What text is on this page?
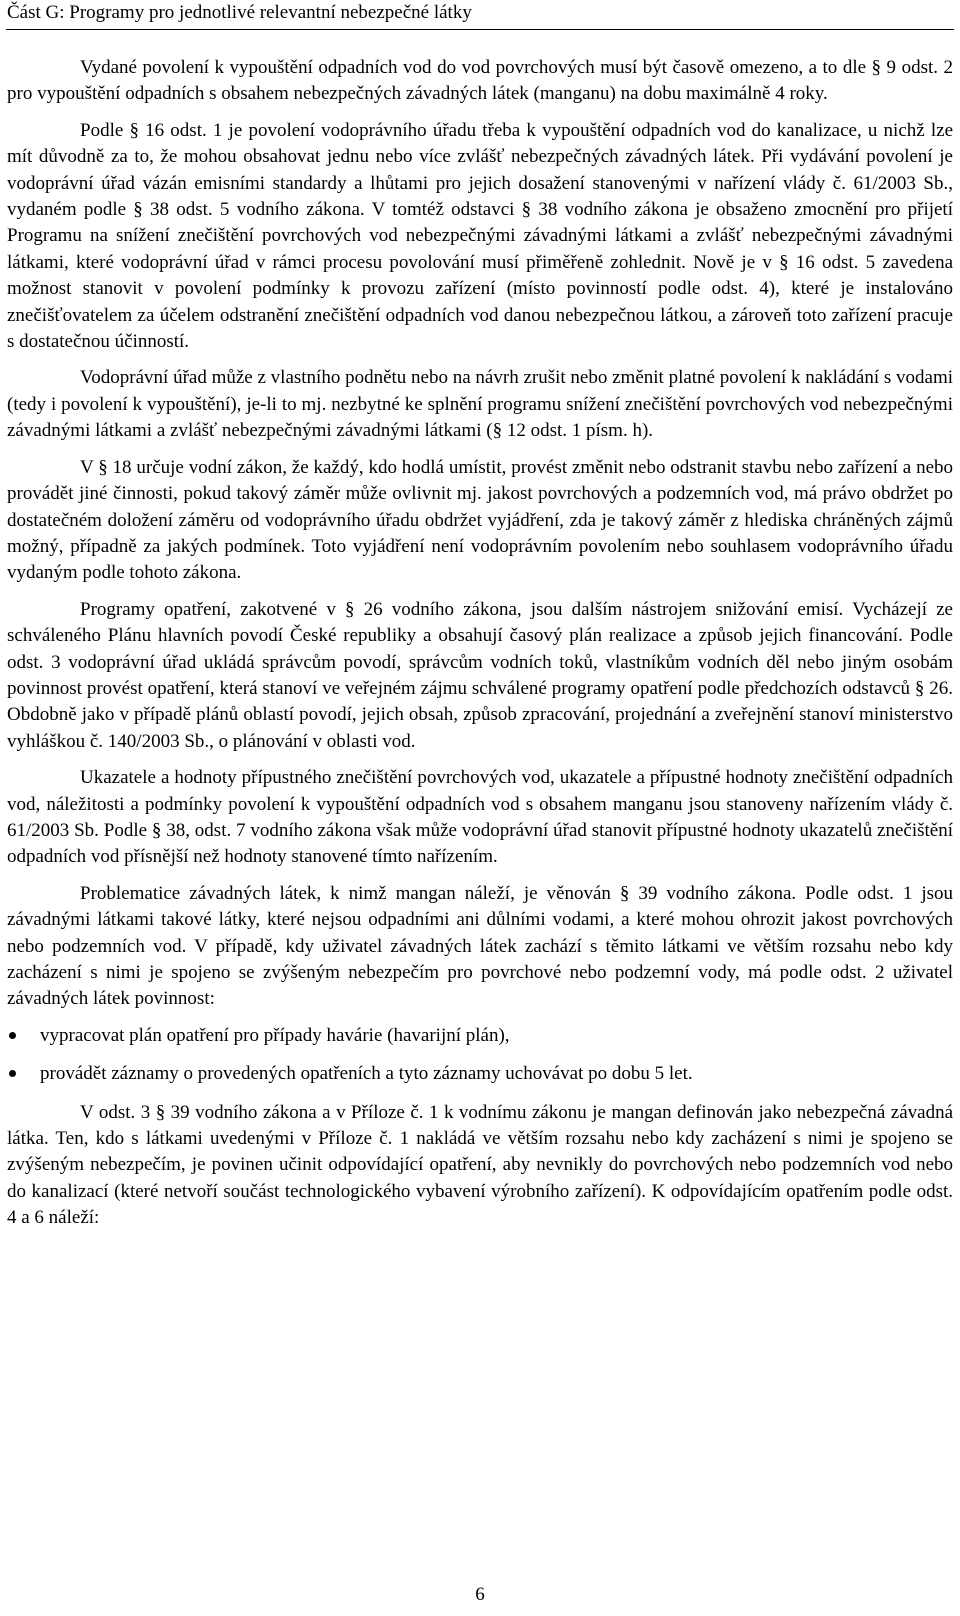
Část G: Programy pro jednotlivé relevantní nebezpečné látky

Vydané povolení k vypouštění odpadních vod do vod povrchových musí být časově omezeno, a to dle § 9 odst. 2 pro vypouštění odpadních s obsahem nebezpečných závadných látek (manganu) na dobu maximálně 4 roky.

Podle § 16 odst. 1 je povolení vodoprávního úřadu třeba k vypouštění odpadních vod do kanalizace, u nichž lze mít důvodně za to, že mohou obsahovat jednu nebo více zvlášť nebezpečných závadných látek. Při vydávání povolení je vodoprávní úřad vázán emisními standardy a lhůtami pro jejich dosažení stanovenými v nařízení vlády č. 61/2003 Sb., vydaném podle § 38 odst. 5 vodního zákona. V tomtéž odstavci § 38 vodního zákona je obsaženo zmocnění pro přijetí Programu na snížení znečištění povrchových vod nebezpečnými závadnými látkami a zvlášť nebezpečnými závadnými látkami, které vodoprávní úřad v rámci procesu povolování musí přiměřeně zohlednit. Nově je v § 16 odst. 5 zavedena možnost stanovit v povolení podmínky k provozu zařízení (místo povinností podle odst. 4), které je instalováno znečišťovatelem za účelem odstranění znečištění odpadních vod danou nebezpečnou látkou, a zároveň toto zařízení pracuje s dostatečnou účinností.

Vodoprávní úřad může z vlastního podnětu nebo na návrh zrušit nebo změnit platné povolení k nakládání s vodami (tedy i povolení k vypouštění), je-li to mj. nezbytné ke splnění programu snížení znečištění povrchových vod nebezpečnými závadnými látkami a zvlášť nebezpečnými závadnými látkami (§ 12 odst. 1 písm. h).

V § 18 určuje vodní zákon, že každý, kdo hodlá umístit, provést změnit nebo odstranit stavbu nebo zařízení a nebo provádět jiné činnosti, pokud takový záměr může ovlivnit mj. jakost povrchových a podzemních vod, má právo obdržet po dostatečném doložení záměru od vodoprávního úřadu obdržet vyjádření, zda je takový záměr z hlediska chráněných zájmů možný, případně za jakých podmínek. Toto vyjádření není vodoprávním povolením nebo souhlasem vodoprávního úřadu vydaným podle tohoto zákona.

Programy opatření, zakotvené v § 26 vodního zákona, jsou dalším nástrojem snižování emisí. Vycházejí ze schváleného Plánu hlavních povodí České republiky a obsahují časový plán realizace a způsob jejich financování. Podle odst. 3 vodoprávní úřad ukládá správcům povodí, správcům vodních toků, vlastníkům vodních děl nebo jiným osobám povinnost provést opatření, která stanoví ve veřejném zájmu schválené programy opatření podle předchozích odstavců § 26. Obdobně jako v případě plánů oblastí povodí, jejich obsah, způsob zpracování, projednání a zveřejnění stanoví ministerstvo vyhláškou č. 140/2003 Sb., o plánování v oblasti vod.

Ukazatele a hodnoty přípustného znečištění povrchových vod, ukazatele a přípustné hodnoty znečištění odpadních vod, náležitosti a podmínky povolení k vypouštění odpadních vod s obsahem manganu jsou stanoveny nařízením vlády č. 61/2003 Sb. Podle § 38, odst. 7 vodního zákona však může vodoprávní úřad stanovit přípustné hodnoty ukazatelů znečištění odpadních vod přísnější než hodnoty stanovené tímto nařízením.

Problematice závadných látek, k nimž mangan náleží, je věnován § 39 vodního zákona. Podle odst. 1 jsou závadnými látkami takové látky, které nejsou odpadními ani důlními vodami, a které mohou ohrozit jakost povrchových nebo podzemních vod. V případě, kdy uživatel závadných látek zachází s těmito látkami ve větším rozsahu nebo kdy zacházení s nimi je spojeno se zvýšeným nebezpečím pro povrchové nebo podzemní vody, má podle odst. 2 uživatel závadných látek povinnost:

vypracovat plán opatření pro případy havárie (havarijní plán),
provádět záznamy o provedených opatřeních a tyto záznamy uchovávat po dobu 5 let.

V odst. 3 § 39 vodního zákona a v Příloze č. 1 k vodnímu zákonu je mangan definován jako nebezpečná závadná látka. Ten, kdo s látkami uvedenými v Příloze č. 1 nakládá ve větším rozsahu nebo kdy zacházení s nimi je spojeno se zvýšeným nebezpečím, je povinen učinit odpovídající opatření, aby nevnikly do povrchových nebo podzemních vod nebo do kanalizací (které netvoří součást technologického vybavení výrobního zařízení). K odpovídajícím opatřením podle odst. 4 a 6 náleží:

6
